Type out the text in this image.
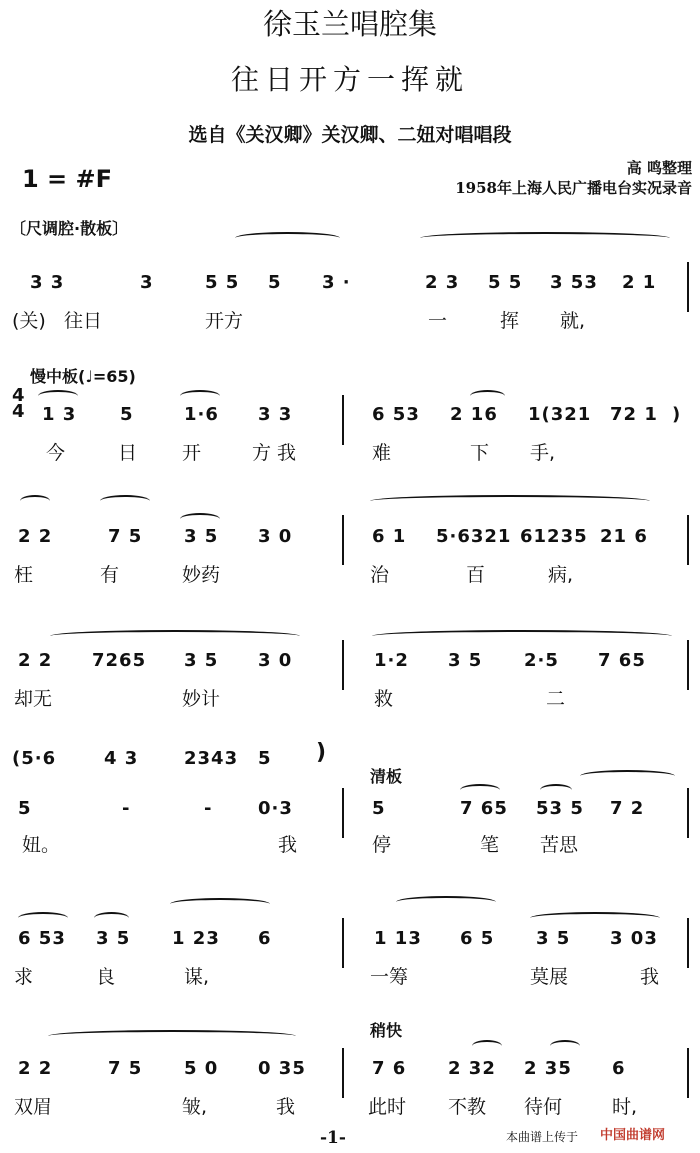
徐玉兰唱腔集
往日开方一挥就
选自《关汉卿》关汉卿、二妞对唱唱段
1 = #F	高 鸣整理
1958年上海人民广播电台实况录音
〔尺调腔·散板〕
3 3	3	5 5 5 3 ·	2 3 5 5 3 53 2 1
(关) 往日	开方	一	挥 就,
慢中板(♩=65)
4
4 1 3 5	1·6 3 3	6 53 2 16 1(321 72 1 )
今	日 开	方 我	难	下 手,
2 2	7 5 3 5 3 0	6 1 5·6321 61235 21 6
枉	有	妙药	治	百	病,
2 2 7265 3 5 3 0	1·2 3 5 2·5 7 65
却无	妙计	救	二
(5·6	4 3	2343 5 )
清板
5	-	-	0·3	5	7 65 53 5 7 2
妞。	我	停	笔 苦思
6 53 3 5 1 23 6	1 13 6 5 3 5 3 03
求	良	谋,	一筹	莫展	我
稍快
2 2	7 5 5 0 0 35	7 6 2 32 2 35 6
双眉	皱,	我	此时 不教 待何	时,
-1-	本曲谱上传于 中国曲谱网
